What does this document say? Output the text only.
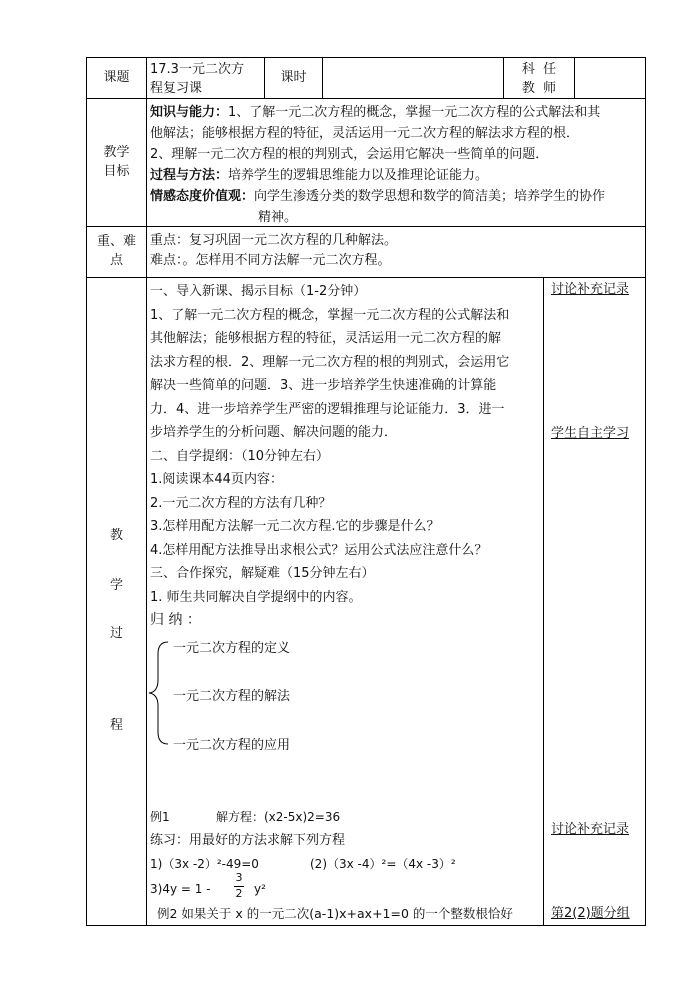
课题
17.3一元二次方
程复习课
课时
科  任
教  师
教学
目标
知识与能力：1、了解一元二次方程的概念，掌握一元二次方程的公式解法和其
他解法；能够根据方程的特征，灵活运用一元二次方程的解法求方程的根．
2、理解一元二次方程的根的判别式，会运用它解决一些简单的问题．
过程与方法：培养学生的逻辑思维能力以及推理论证能力。
情感态度价值观：向学生渗透分类的数学思想和数学的简洁美；培养学生的协作
精神。
重、难
点
重点：复习巩固一元二次方程的几种解法。
难点：。怎样用不同方法解一元二次方程。
教
学
过
程
一、导入新课、揭示目标（1-2分钟）
1、了解一元二次方程的概念，掌握一元二次方程的公式解法和
其他解法；能够根据方程的特征，灵活运用一元二次方程的解
法求方程的根．2、理解一元二次方程的根的判别式，会运用它
解决一些简单的问题．3、进一步培养学生快速准确的计算能
力．4、进一步培养学生严密的逻辑推理与论证能力．3．进一
步培养学生的分析问题、解决问题的能力．
二、自学提纲：（10分钟左右）
1.阅读课本44页内容：
2.一元二次方程的方法有几种？
3.怎样用配方法解一元二次方程.它的步骤是什么？
4.怎样用配方法推导出求根公式？运用公式法应注意什么？
三、合作探究，解疑难（15分钟左右）
1. 师生共同解决自学提纲中的内容。
归 纳 ：
一元二次方程的定义
一元二次方程的解法
一元二次方程的应用
例1	解方程：(x2-5x)2=36
练习：用最好的方法求解下列方程
1)（3x -2）²-49=0	(2)（3x -4）²=（4x -3）²
3)4y = 1 -
3
2 y²
例2 如果关于 x 的一元二次(a-1)x+ax+1=0 的一个整数根恰好
讨论补充记录
学生自主学习
讨论补充记录
第2(2)题分组
